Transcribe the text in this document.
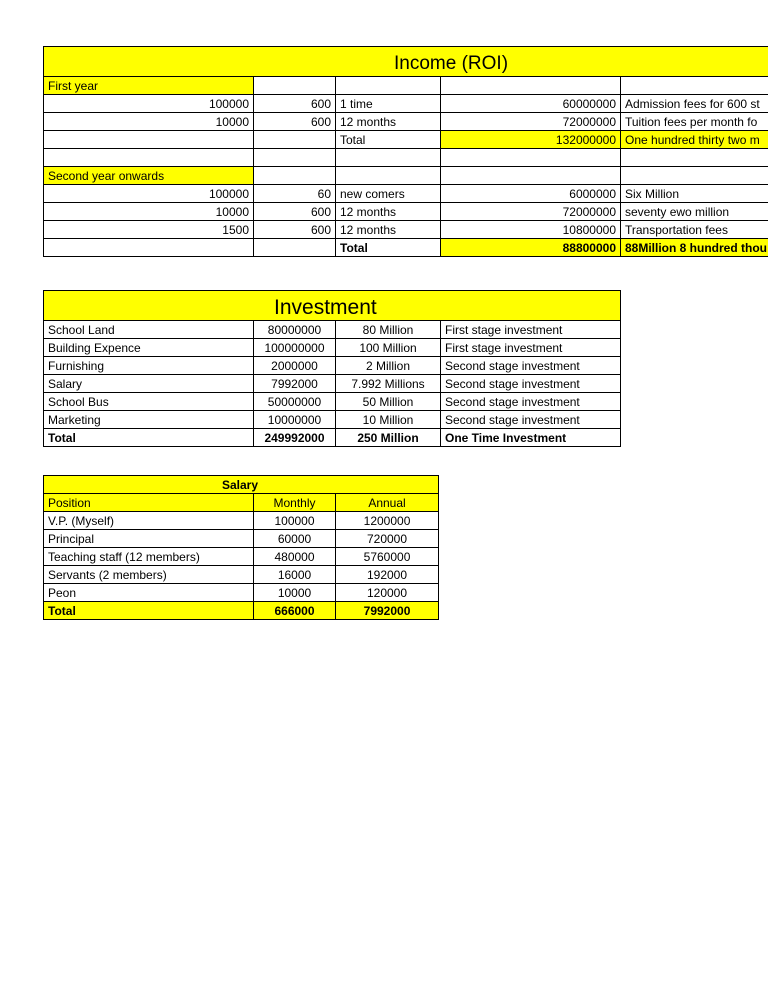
Income (ROI)				
First year				
100000	600	1 time	60000000	Admission fees for 600 st
10000	600	12 months	72000000	Tuition fees per month fo
		Total	132000000	One hundred thirty two m

Second year onwards				
100000	60	new comers	6000000	Six Million
10000	600	12 months	72000000	seventy ewo million
1500	600	12 months	10800000	Transportation fees
		Total	88800000	88Million 8 hundred thou
Investment			
School Land	80000000	80 Million	First stage investment
Building Expence	100000000	100 Million	First stage investment
Furnishing	2000000	2 Million	Second stage investment
Salary	7992000	7.992 Millions	Second stage investment
School Bus	50000000	50 Million	Second stage investment
Marketing	10000000	10 Million	Second stage investment
Total	249992000	250 Million	One Time Investment
Salary		
Position	Monthly	Annual
V.P. (Myself)	100000	1200000
Principal	60000	720000
Teaching staff (12 members)	480000	5760000
Servants (2 members)	16000	192000
Peon	10000	120000
Total	666000	7992000
